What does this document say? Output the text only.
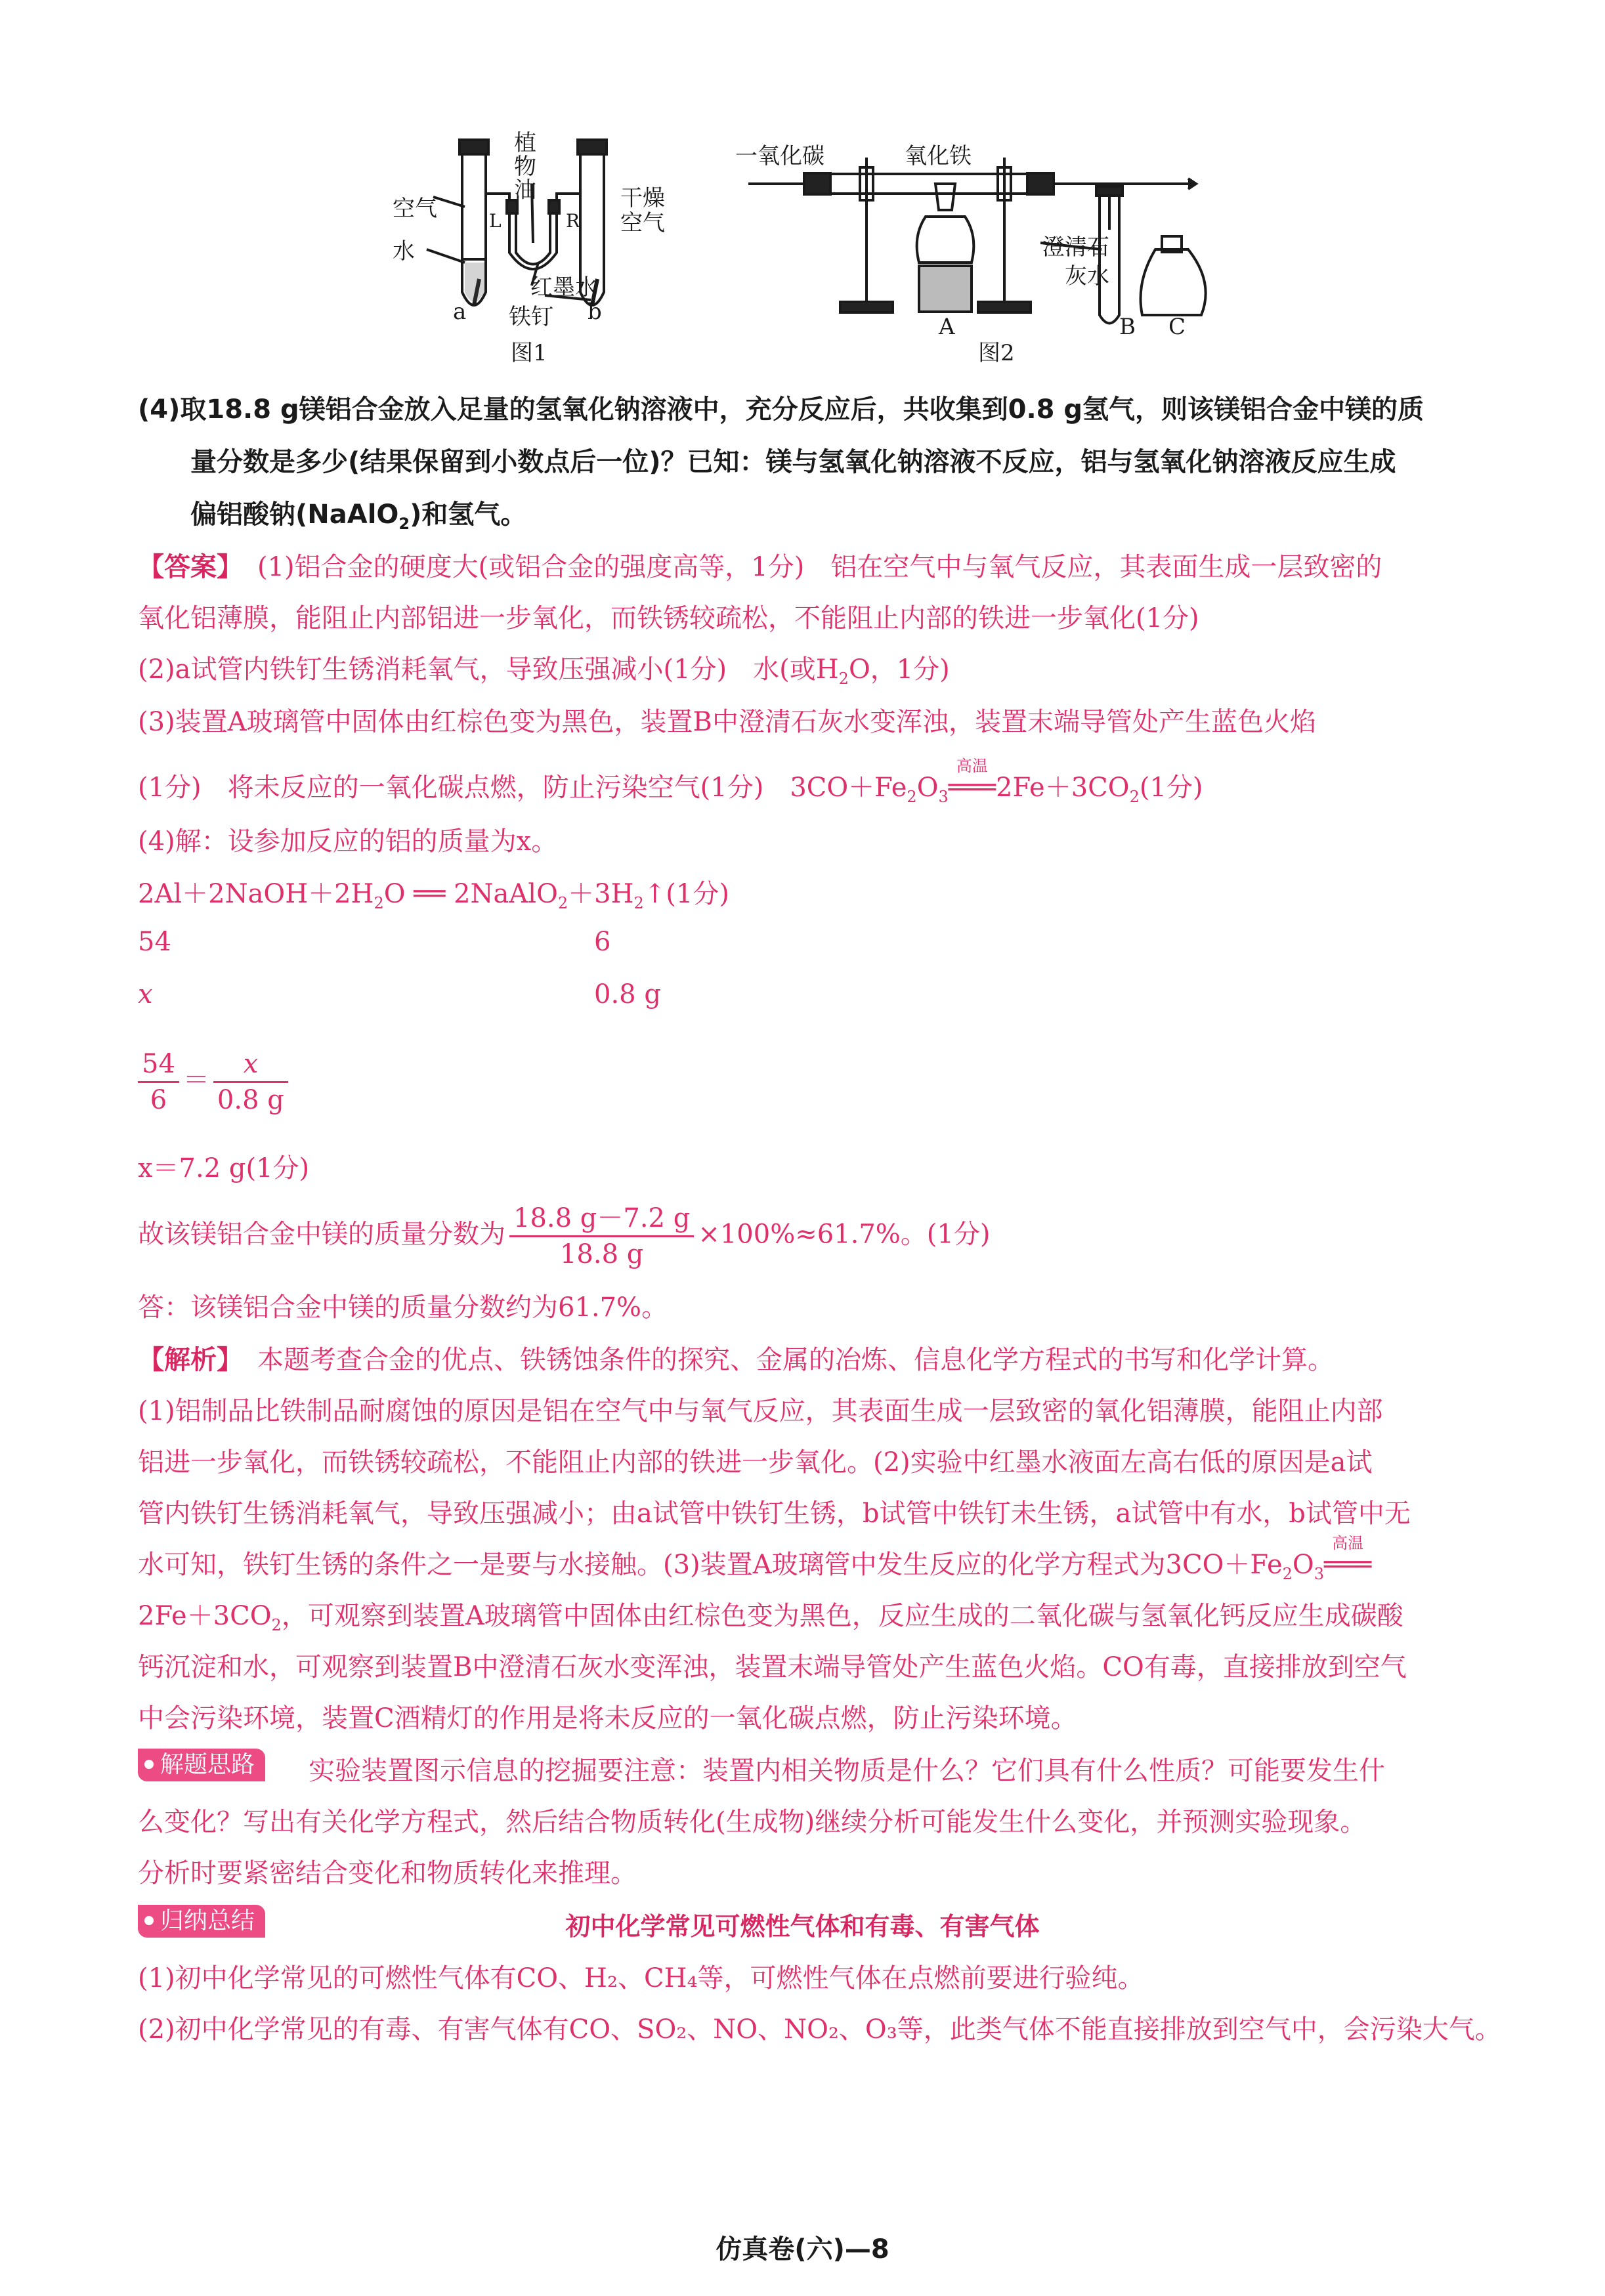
空气
水
植物油	干燥空气
红墨水
铁钉
a	b
L	R
图1
一氧化碳	氧化铁
澄清石灰水
A	B C
图2
(4)取18.8 g镁铝合金放入足量的氢氧化钠溶液中，充分反应后，共收集到0.8 g氢气，则该镁铝合金中镁的质
量分数是多少(结果保留到小数点后一位)？已知：镁与氢氧化钠溶液不反应，铝与氢氧化钠溶液反应生成
偏铝酸钠(NaAlO$_2$)和氢气。
【答案】 (1)铝合金的硬度大(或铝合金的强度高等，1分)　铝在空气中与氧气反应，其表面生成一层致密的
氧化铝薄膜，能阻止内部铝进一步氧化，而铁锈较疏松，不能阻止内部的铁进一步氧化(1分)
(2)a试管内铁钉生锈消耗氧气，导致压强减小(1分)　水(或$H_2O$，1分)
(3)装置A玻璃管中固体由红棕色变为黑色，装置B中澄清石灰水变浑浊，装置末端导管处产生蓝色火焰
(1分)　将未反应的一氧化碳点燃，防止污染空气(1分)　$3CO+Fe_2O_3$
高温
$═══2Fe+3CO_2(1$分)
(4)解：设参加反应的铝的质量为x。
$2Al+2NaOH+2H_2O$ ══ $2NaAlO_2+3H_2↑(1$分)
54	6
x	0.8 g
$\frac{54}{6} = \frac{x}{0.8 g}$
x＝7.2 g(1分)
故该镁铝合金中镁的质量分数为 $\frac{18.8 g-7.2 g}{18.8 g} \times 100\%\approx 61.7\%$。(1分)
答：该镁铝合金中镁的质量分数约为61.7%。
【解析】 本题考查合金的优点、铁锈蚀条件的探究、金属的冶炼、信息化学方程式的书写和化学计算。
(1)铝制品比铁制品耐腐蚀的原因是铝在空气中与氧气反应，其表面生成一层致密的氧化铝薄膜，能阻止内部
铝进一步氧化，而铁锈较疏松，不能阻止内部的铁进一步氧化。(2)实验中红墨水液面左高右低的原因是a试
管内铁钉生锈消耗氧气，导致压强减小；由a试管中铁钉生锈，b试管中铁钉未生锈，a试管中有水，b试管中无
水可知，铁钉生锈的条件之一是要与水接触。(3)装置A玻璃管中发生反应的化学方程式为$3CO+Fe_2O_3$
高温
═══
$2Fe+3CO_2$，可观察到装置A玻璃管中固体由红棕色变为黑色，反应生成的二氧化碳与氢氧化钙反应生成碳酸
钙沉淀和水，可观察到装置B中澄清石灰水变浑浊，装置末端导管处产生蓝色火焰。CO有毒，直接排放到空气
中会污染环境，装置C酒精灯的作用是将未反应的一氧化碳点燃，防止污染环境。
解题思路	实验装置图示信息的挖掘要注意：装置内相关物质是什么？它们具有什么性质？可能要发生什
么变化？写出有关化学方程式，然后结合物质转化(生成物)继续分析可能发生什么变化，并预测实验现象。
分析时要紧密结合变化和物质转化来推理。
归纳总结	初中化学常见可燃性气体和有毒、有害气体
(1)初中化学常见的可燃性气体有CO、H₂、CH₄等，可燃性气体在点燃前要进行验纯。
(2)初中化学常见的有毒、有害气体有CO、SO₂、NO、NO₂、O₃等，此类气体不能直接排放到空气中，会污染大气。
仿真卷(六)—8
